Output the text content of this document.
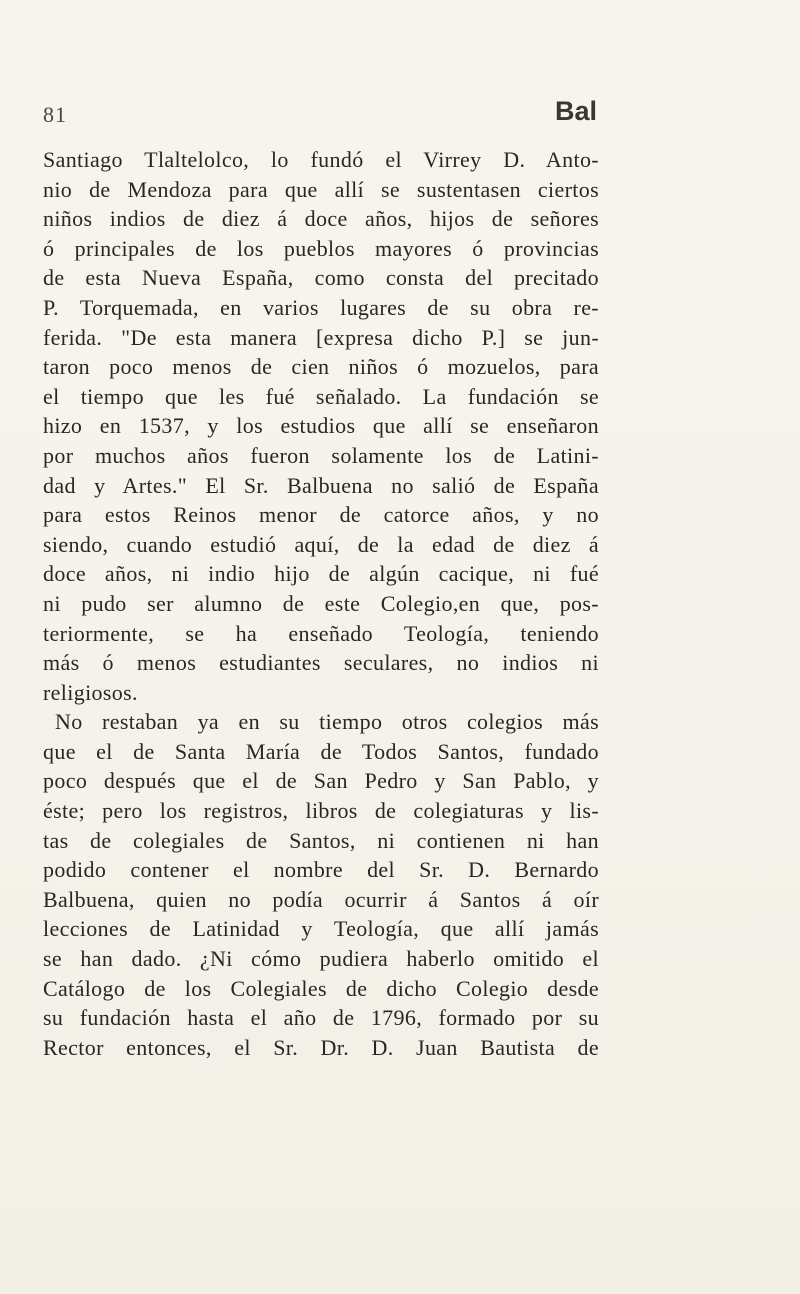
81	Bal
Santiago Tlaltelolco, lo fundó el Virrey D. Anto-
nio de Mendoza para que allí se sustentasen ciertos
niños indios de diez á doce años, hijos de señores
ó principales de los pueblos mayores ó provincias
de esta Nueva España, como consta del precitado
P. Torquemada, en varios lugares de su obra re-
ferida. "De esta manera [expresa dicho P.] se jun-
taron poco menos de cien niños ó mozuelos, para
el tiempo que les fué señalado. La fundación se
hizo en 1537, y los estudios que allí se enseñaron
por muchos años fueron solamente los de Latini-
dad y Artes." El Sr. Balbuena no salió de España
para estos Reinos menor de catorce años, y no
siendo, cuando estudió aquí, de la edad de diez á
doce años, ni indio hijo de algún cacique, ni fué
ni pudo ser alumno de este Colegio,en que, pos-
teriormente, se ha enseñado Teología, teniendo
más ó menos estudiantes seculares, no indios ni
religiosos.
No restaban ya en su tiempo otros colegios más
que el de Santa María de Todos Santos, fundado
poco después que el de San Pedro y San Pablo, y
éste; pero los registros, libros de colegiaturas y lis-
tas de colegiales de Santos, ni contienen ni han
podido contener el nombre del Sr. D. Bernardo
Balbuena, quien no podía ocurrir á Santos á oír
lecciones de Latinidad y Teología, que allí jamás
se han dado. ¿Ni cómo pudiera haberlo omitido el
Catálogo de los Colegiales de dicho Colegio desde
su fundación hasta el año de 1796, formado por su
Rector entonces, el Sr. Dr. D. Juan Bautista de
